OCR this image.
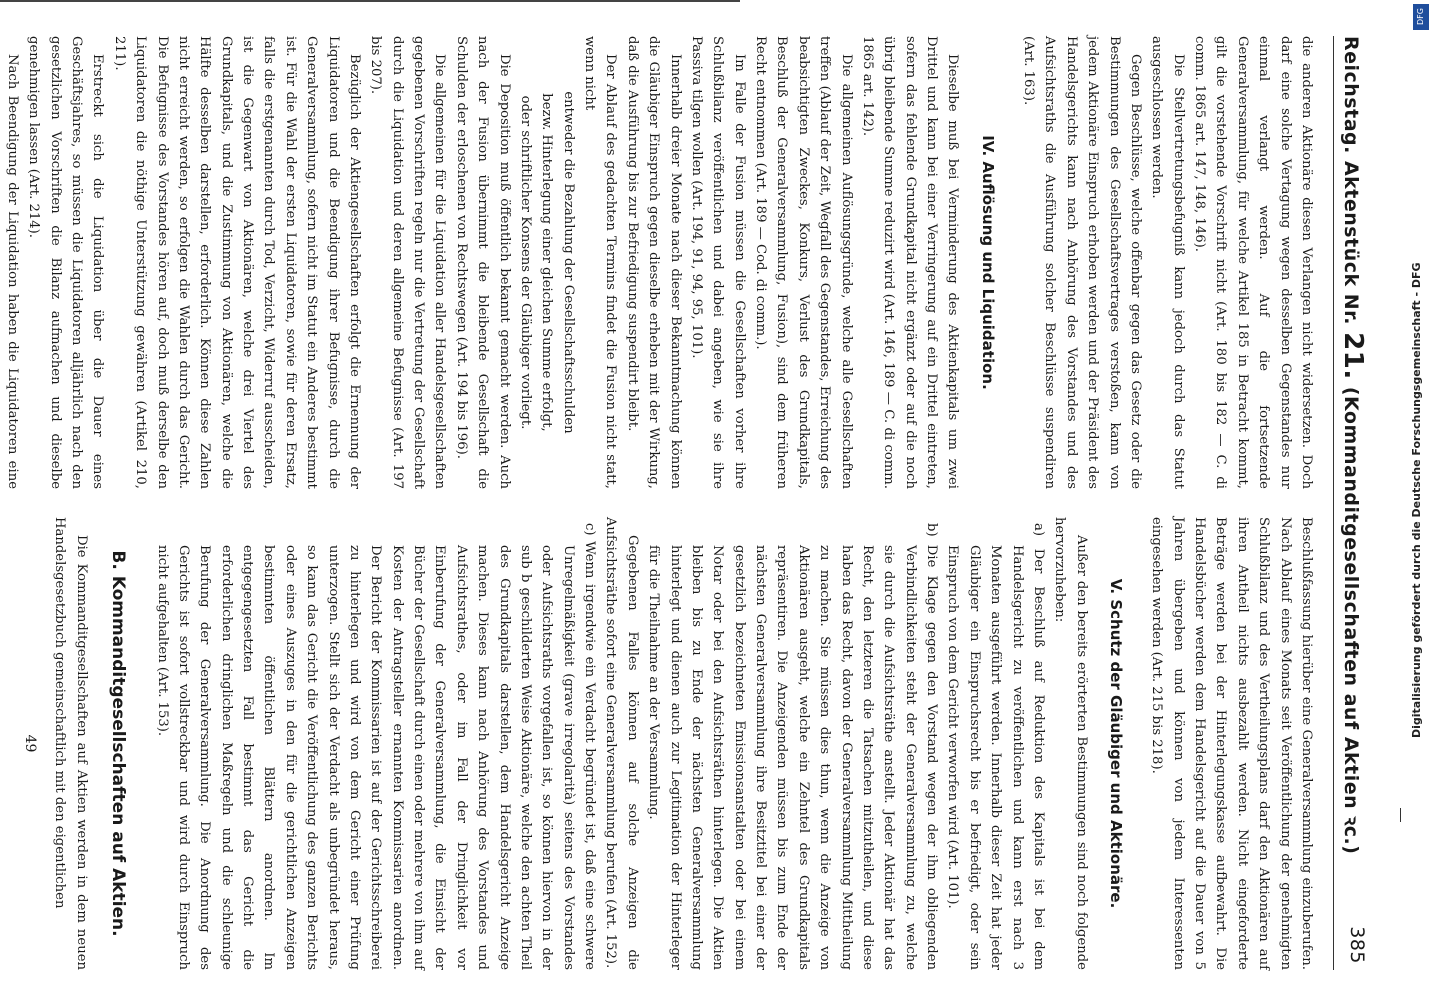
DFG
Digitalisierung gefördert durch die Deutsche Forschungsgemeinschaft - DFG
Reichstag. Aktenstück Nr. 21. (Kommanditgesellschaften auf Aktien ꝛc.)
385

die anderen Aktionäre diesen Verlangen nicht widersetzen. Doch darf eine solche Vertagung wegen desselben Gegenstandes nur einmal verlangt werden. Auf die fortsetzende Generalversammlung, für welche Artikel 185 in Betracht kommt, gilt die vorstehende Vorschrift nicht (Art. 180 bis 182 — C. di comm. 1865 art. 147, 148, 146).

Die Stellvertretungsbefugniß kann jedoch durch das Statut ausgeschlossen werden.

Gegen Beschlüsse, welche offenbar gegen das Gesetz oder die Bestimmungen des Gesellschaftsvertrages verstoßen, kann von jedem Aktionäre Einspruch erhoben werden und der Präsident des Handelsgerichts kann nach Anhörung des Vorstandes und des Aufsichtsraths die Ausführung solcher Beschlüsse suspendiren (Art. 163).

IV. Auflösung und Liquidation.

Dieselbe muß bei Verminderung des Aktienkapitals um zwei Drittel und kann bei einer Verringerung auf ein Drittel eintreten, sofern das fehlende Grundkapital nicht ergänzt oder auf die noch übrig bleibende Summe reduzirt wird (Art. 146, 189 — C. di comm. 1865 art. 142).

Die allgemeinen Auflösungsgründe, welche alle Gesellschaften treffen (Ablauf der Zeit, Wegfall des Gegenstandes, Erreichung des beabsichtigten Zweckes, Konkurs, Verlust des Grundkapitals, Beschluß der Generalversammlung, Fusion), sind dem früheren Recht entnommen (Art. 189 — Cod. di comm.).

Im Falle der Fusion müssen die Gesellschaften vorher ihre Schlußbilanz veröffentlichen und dabei angeben, wie sie ihre Passiva tilgen wollen (Art. 194, 91, 94, 95, 101).

Innerhalb dreier Monate nach dieser Bekanntmachung können die Gläubiger Einspruch gegen dieselbe erheben mit der Wirkung, daß die Ausführung bis zur Befriedigung suspendirt bleibt.

Der Ablauf des gedachten Termins findet die Fusion nicht statt, wenn nicht

entweder die Bezahlung der Gesellschaftsschulden

bezw. Hinterlegung einer gleichen Summe erfolgt,

oder schriftlicher Konsens der Gläubiger vorliegt.

Die Deposition muß öffentlich bekannt gemacht werden. Auch nach der Fusion übernimmt die bleibende Gesellschaft die Schulden der erloschenen von Rechtswegen (Art. 194 bis 196).

Die allgemeinen für die Liquidation aller Handelsgesellschaften gegebenen Vorschriften regeln nur die Vertretung der Gesellschaft durch die Liquidation und deren allgemeine Befugnisse (Art. 197 bis 207).

Bezüglich der Aktiengesellschaften erfolgt die Ernennung der Liquidatoren und die Beendigung ihrer Befugnisse, durch die Generalversammlung, sofern nicht im Statut ein Anderes bestimmt ist. Für die Wahl der ersten Liquidatoren, sowie für deren Ersatz, falls die erstgenannten durch Tod, Verzicht, Widerruf ausscheiden, ist die Gegenwart von Aktionären, welche drei Viertel des Grundkapitals, und die Zustimmung von Aktionären, welche die Hälfte desselben darstellen, erforderlich. Können diese Zahlen nicht erreicht werden, so erfolgen die Wahlen durch das Gericht. Die Befugnisse des Vorstandes hören auf, doch muß derselbe den Liquidatoren die nöthige Unterstützung gewähren (Artikel 210, 211).

Erstreckt sich die Liquidation über die Dauer eines Geschäftsjahres, so müssen die Liquidatoren alljährlich nach den gesetzlichen Vorschriften die Bilanz aufmachen und dieselbe genehmigen lassen (Art. 214).

Nach Beendigung der Liquidation haben die Liquidatoren eine

Beschlußfassung hierüber eine Generalversammlung einzuberufen. Nach Ablauf eines Monats seit Veröffentlichung der genehmigten Schlußbilanz und des Vertheilungsplans darf den Aktionären auf ihren Antheil nichts ausbezahlt werden. Nicht eingeforderte Beträge werden bei der Hinterlegungskasse aufbewahrt. Die Handelsbücher werden dem Handelsgericht auf die Dauer von 5 Jahren übergeben und können von jedem Interessenten eingesehen werden (Art. 215 bis 218).

V. Schutz der Gläubiger und Aktionäre.

Außer den bereits erörterten Bestimmungen sind noch folgende hervorzuheben:

a) Der Beschluß auf Reduktion des Kapitals ist bei dem Handelsgericht zu veröffentlichen und kann erst nach 3 Monaten ausgeführt werden. Innerhalb dieser Zeit hat jeder Gläubiger ein Einspruchsrecht bis er befriedigt, oder sein Einspruch von dem Gericht verworfen wird (Art. 101).

b) Die Klage gegen den Vorstand wegen der ihm obliegenden Verbindlichkeiten steht der Generalversammlung zu, welche sie durch die Aufsichtsräthe anstellt. Jeder Aktionär hat das Recht, den letzteren die Tatsachen mitzutheilen, und diese haben das Recht, davon der Generalversammlung Mittheilung zu machen. Sie müssen dies thun, wenn die Anzeige von Aktionären ausgeht, welche ein Zehntel des Grundkapitals repräsentiren. Die Anzeigenden müssen bis zum Ende der nächsten Generalversammlung ihre Besitztitel bei einer der gesetzlich bezeichneten Emissionsanstalten oder bei einem Notar oder bei den Aufsichtsräthen hinterlegen. Die Aktien bleiben bis zu Ende der nächsten Generalversammlung hinterlegt und dienen auch zur Legitimation der Hinterleger für die Theilnahme an der Versammlung.

Gegebenen Falles können auf solche Anzeigen die Aufsichtsräthe sofort eine Generalversammlung berufen (Art. 152).

c) Wenn irgendwie ein Verdacht begründet ist, daß eine schwere Unregelmäßigkeit (grave irregolarità) seitens des Vorstandes oder Aufsichtsraths vorgefallen ist, so können hiervon in der sub b geschilderten Weise Aktionäre, welche den achten Theil des Grundkapitals darstellen, dem Handelsgericht Anzeige machen. Dieses kann nach Anhörung des Vorstandes und Aufsichtsrathes, oder im Fall der Dringlichkeit vor Einberufung der Generalversammlung, die Einsicht der Bücher der Gesellschaft durch einen oder mehrere von ihm auf Kosten der Antragsteller ernannten Kommissarien anordnen. Der Bericht der Kommissarien ist auf der Gerichtsschreiberei zu hinterlegen und wird von dem Gericht einer Prüfung unterzogen. Stellt sich der Verdacht als unbegründet heraus, so kann das Gericht die Veröffentlichung des ganzen Berichts oder eines Auszuges in den für die gerichtlichen Anzeigen bestimmten öffentlichen Blättern anordnen. Im entgegengesetzten Fall bestimmt das Gericht die erforderlichen dringlichen Maßregeln und die schleunige Berufung der Generalversammlung. Die Anordnung des Gerichts ist sofort vollstreckbar und wird durch Einspruch nicht aufgehalten (Art. 153).

B. Kommanditgesellschaften auf Aktien.

Die Kommanditgesellschaften auf Aktien werden in dem neuen Handelsgesetzbuch gemeinschaftlich mit den eigentlichen

49
